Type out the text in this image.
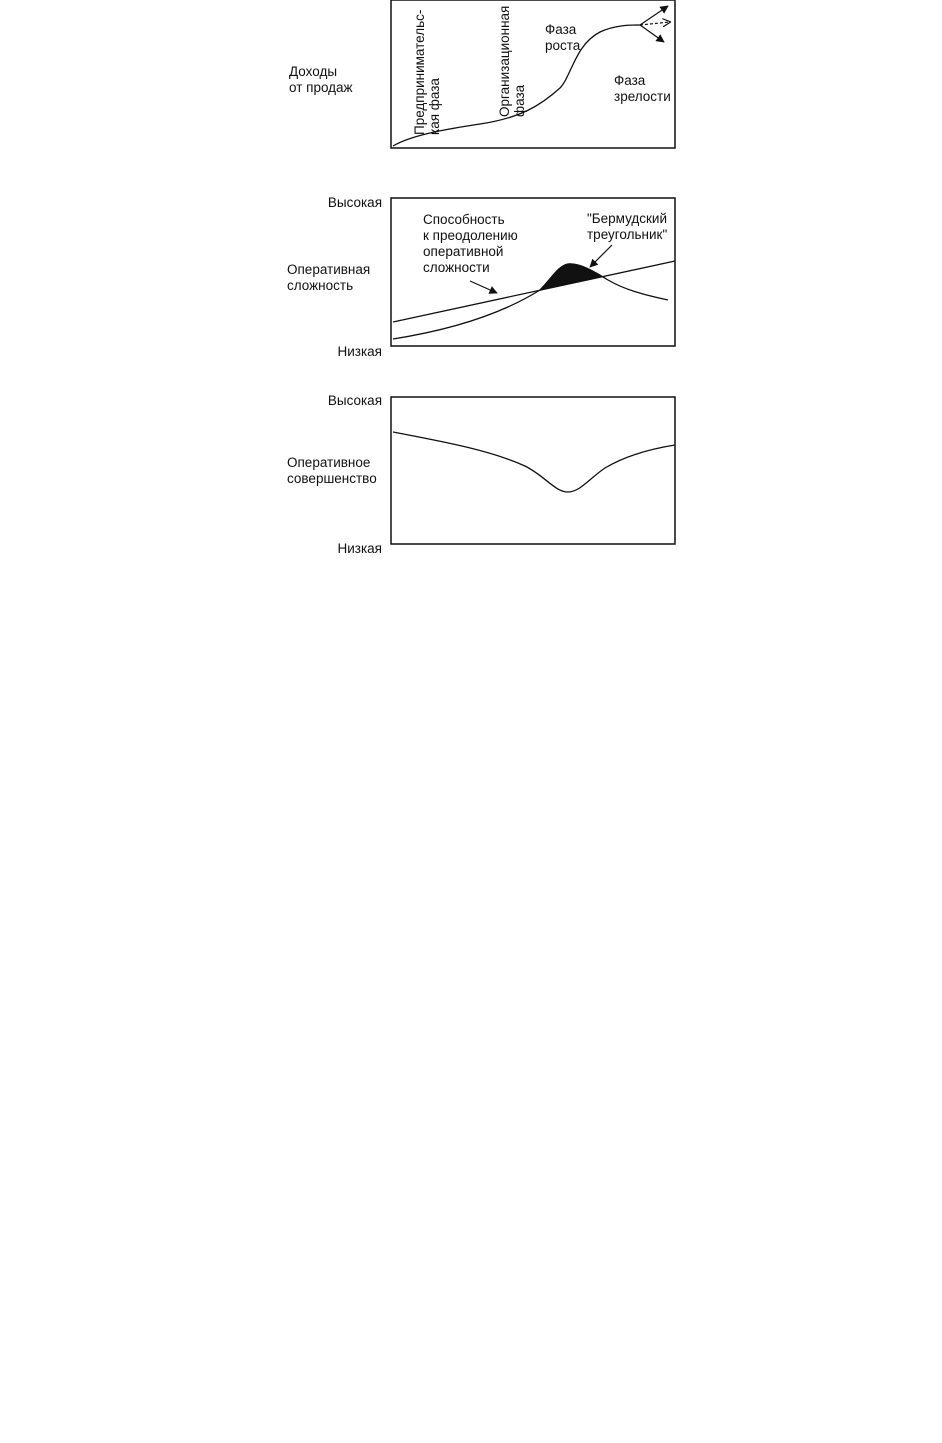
Доходы
от продаж	Предпринимательс- кая фаза	Организационная фаза
Фаза
роста
Фаза
зрелости
Высокая
Оперативная
сложность
Низкая
Способность
к преодолению
оперативной
сложности
"Бермудский
треугольник"
Высокая
Оперативное
совершенство
Низкая
